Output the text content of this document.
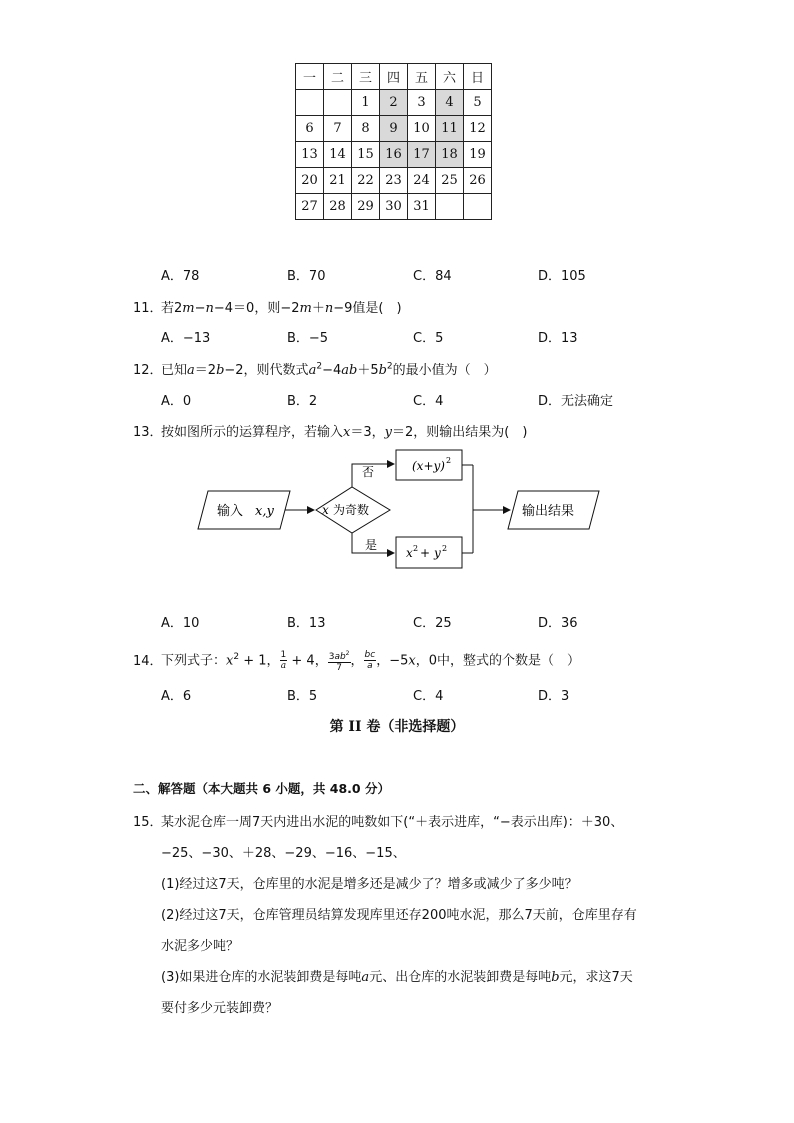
一	二	三	四	五	六	日
		1	2	3	4	5
6	7	8	9	10	11	12
13	14	15	16	17	18	19
20	21	22	23	24	25	26
27	28	29	30	31		
A．78	B．70	C．84	D．105
11．
若2m−n−4＝0，则−2m＋n−9值是(　)
A．−13	B．−5	C．5	D．13
12．
已知a＝2b−2，则代数式$a^2-4ab+5b^2$的最小值为（　）
A．0	B．2	C．4	D．无法确定
13．
按如图所示的运算程序，若输入x＝3，y＝2，则输出结果为(　)
输入 x,y	x 为奇数
否
是
(x+y) 2
x 2 + y 2
输出结果
A．10	B．13	C．25	D．36
14．
下列式子：$x^2 + 1$， $\frac{1}{a} + 4$， $\frac{3ab^2}{7}$ ， $\frac{bc}{a}$ ，−5x，0中，整式的个数是（　）
A．6	B．5	C．4	D．3
第 II 卷（非选择题）
二、解答题（本大题共 6 小题，共 48.0 分）
15．
某水泥仓库一周7天内进出水泥的吨数如下(“＋表示进库，“−表示出库)：＋30、
−25、−30、＋28、−29、−16、−15、
(1)经过这7天，仓库里的水泥是增多还是减少了？增多或减少了多少吨？
(2)经过这7天，仓库管理员结算发现库里还存200吨水泥，那么7天前，仓库里存有
水泥多少吨？
(3)如果进仓库的水泥装卸费是每吨a元、出仓库的水泥装卸费是每吨b元，求这7天
要付多少元装卸费？
